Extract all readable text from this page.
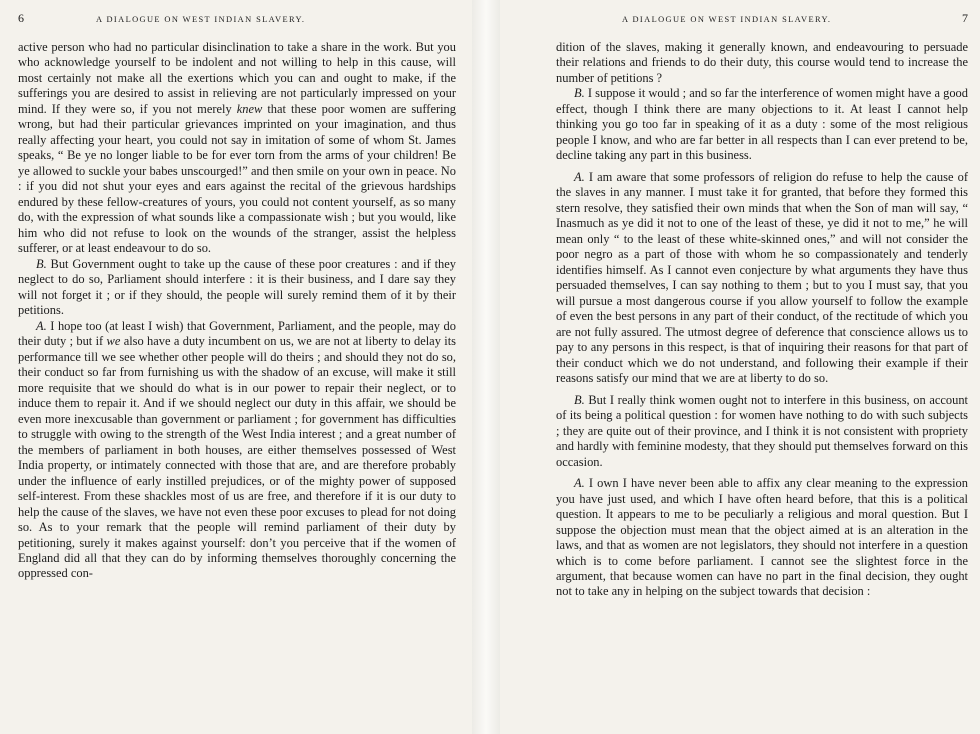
6	A DIALOGUE ON WEST INDIAN SLAVERY.

active person who had no particular disinclination to take a share in the work. But you who acknowledge yourself to be indolent and not willing to help in this cause, will most certainly not make all the exertions which you can and ought to make, if the sufferings you are desired to assist in relieving are not particularly impressed on your mind. If they were so, if you not merely knew that these poor women are suffering wrong, but had their particular grievances imprinted on your imagination, and thus really affecting your heart, you could not say in imitation of some of whom St. James speaks, “ Be ye no longer liable to be for ever torn from the arms of your children! Be ye allowed to suckle your babes unscourged!” and then smile on your own in peace. No : if you did not shut your eyes and ears against the recital of the grievous hardships endured by these fellow-creatures of yours, you could not content yourself, as so many do, with the expression of what sounds like a compassionate wish ; but you would, like him who did not refuse to look on the wounds of the stranger, assist the helpless sufferer, or at least endeavour to do so.

B. But Government ought to take up the cause of these poor creatures : and if they neglect to do so, Parliament should interfere : it is their business, and I dare say they will not forget it ; or if they should, the people will surely remind them of it by their petitions.

A. I hope too (at least I wish) that Government, Parliament, and the people, may do their duty ; but if we also have a duty incumbent on us, we are not at liberty to delay its performance till we see whether other people will do theirs ; and should they not do so, their conduct so far from furnishing us with the shadow of an excuse, will make it still more requisite that we should do what is in our power to repair their neglect, or to induce them to repair it. And if we should neglect our duty in this affair, we should be even more inexcusable than government or parliament ; for government has difficulties to struggle with owing to the strength of the West India interest ; and a great number of the members of parliament in both houses, are either themselves possessed of West India property, or intimately connected with those that are, and are therefore probably under the influence of early instilled prejudices, or of the mighty power of supposed self-interest. From these shackles most of us are free, and therefore if it is our duty to help the cause of the slaves, we have not even these poor excuses to plead for not doing so. As to your remark that the people will remind parliament of their duty by petitioning, surely it makes against yourself: don’t you perceive that if the women of England did all that they can do by informing themselves thoroughly concerning the oppressed con-

A DIALOGUE ON WEST INDIAN SLAVERY.	7

dition of the slaves, making it generally known, and endeavouring to persuade their relations and friends to do their duty, this course would tend to increase the number of petitions ?

B. I suppose it would ; and so far the interference of women might have a good effect, though I think there are many objections to it. At least I cannot help thinking you go too far in speaking of it as a duty : some of the most religious people I know, and who are far better in all respects than I can ever pretend to be, decline taking any part in this business.

A. I am aware that some professors of religion do refuse to help the cause of the slaves in any manner. I must take it for granted, that before they formed this stern resolve, they satisfied their own minds that when the Son of man will say, “ Inasmuch as ye did it not to one of the least of these, ye did it not to me,” he will mean only “ to the least of these white-skinned ones,” and will not consider the poor negro as a part of those with whom he so compassionately and tenderly identifies himself. As I cannot even conjecture by what arguments they have thus persuaded themselves, I can say nothing to them ; but to you I must say, that you will pursue a most dangerous course if you allow yourself to follow the example of even the best persons in any part of their conduct, of the rectitude of which you are not fully assured. The utmost degree of deference that conscience allows us to pay to any persons in this respect, is that of inquiring their reasons for that part of their conduct which we do not understand, and following their example if their reasons satisfy our mind that we are at liberty to do so.

B. But I really think women ought not to interfere in this business, on account of its being a political question : for women have nothing to do with such subjects ; they are quite out of their province, and I think it is not consistent with propriety and hardly with feminine modesty, that they should put themselves forward on this occasion.

A. I own I have never been able to affix any clear meaning to the expression you have just used, and which I have often heard before, that this is a political question. It appears to me to be peculiarly a religious and moral question. But I suppose the objection must mean that the object aimed at is an alteration in the laws, and that as women are not legislators, they should not interfere in a question which is to come before parliament. I cannot see the slightest force in the argument, that because women can have no part in the final decision, they ought not to take any in helping on the subject towards that decision :
